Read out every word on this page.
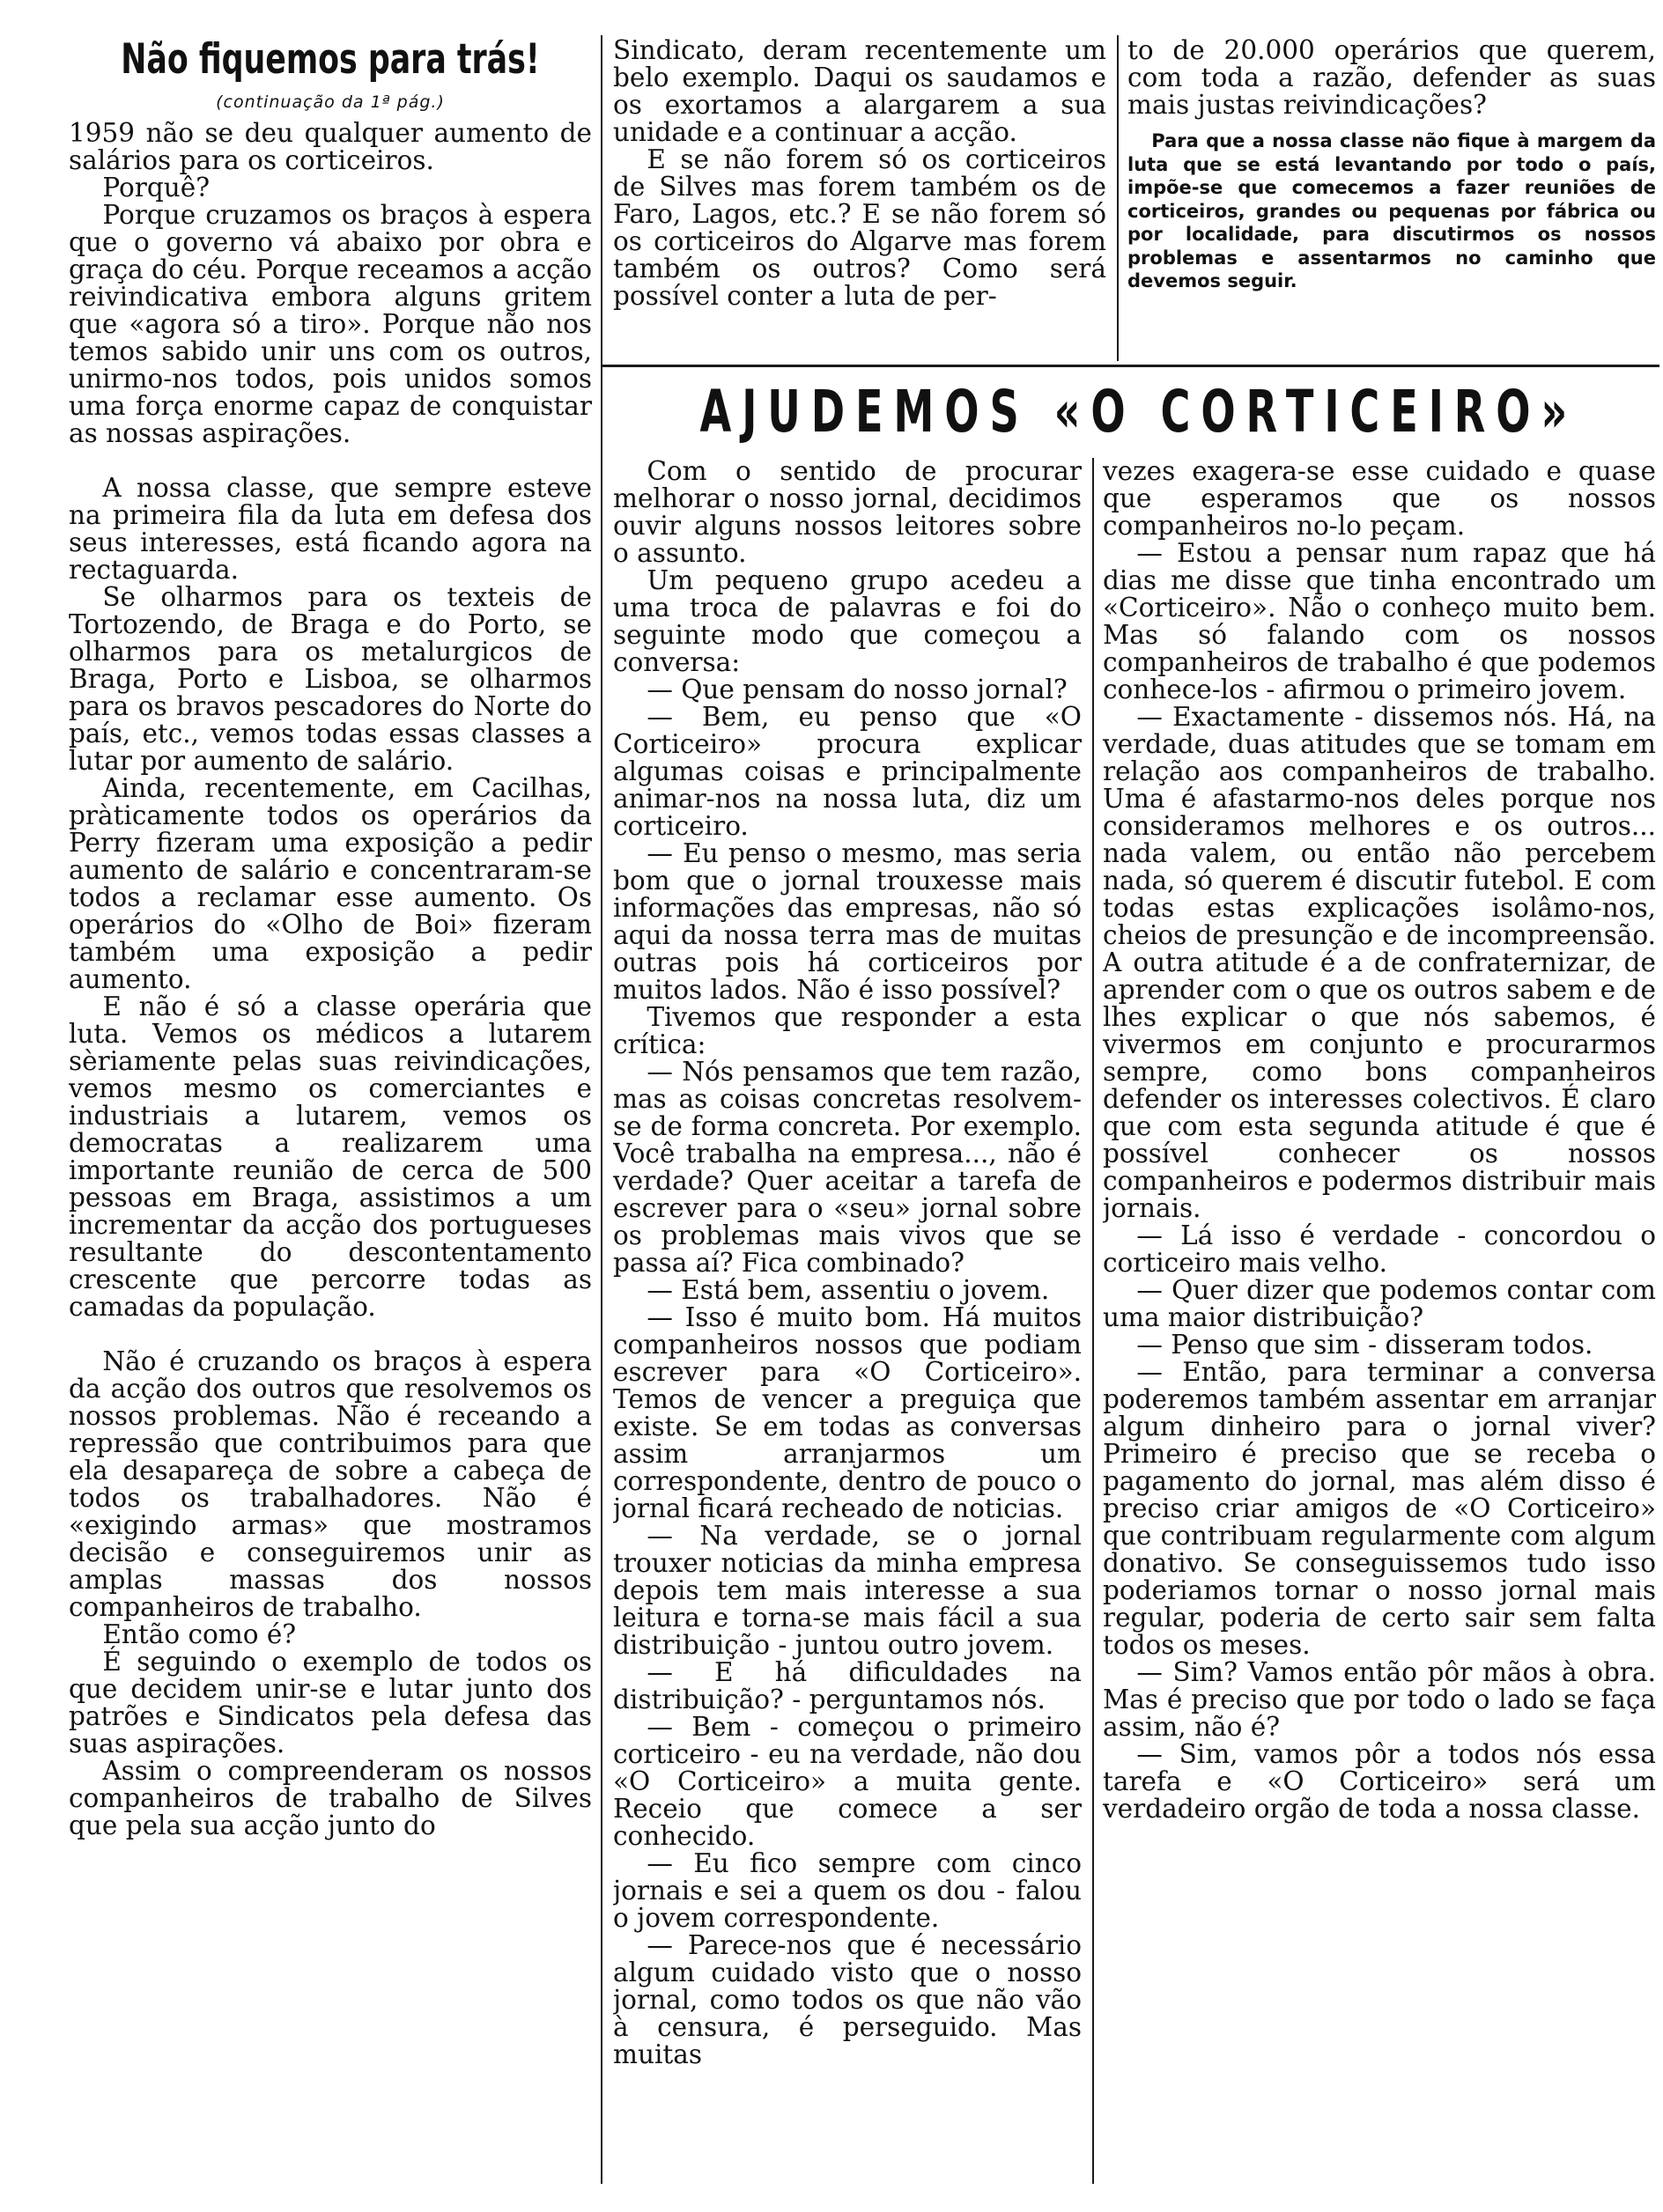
Não fiquemos para trás!
(continuação da 1ª pág.)

1959 não se deu qualquer aumento de salários para os corticeiros.

Porquê?

Porque cruzamos os braços à espera que o governo vá abaixo por obra e graça do céu. Porque receamos a acção reivindicativa embora alguns gritem que «agora só a tiro». Porque não nos temos sabido unir uns com os outros, unirmo-nos todos, pois unidos somos uma força enorme capaz de conquistar as nossas aspirações.

A nossa classe, que sempre esteve na primeira fila da luta em defesa dos seus interesses, está ficando agora na rectaguarda.

Se olharmos para os texteis de Tortozendo, de Braga e do Porto, se olharmos para os metalurgicos de Braga, Porto e Lisboa, se olharmos para os bravos pescadores do Norte do país, etc., vemos todas essas classes a lutar por aumento de salário.

Ainda, recentemente, em Cacilhas, pràticamente todos os operários da Perry fizeram uma exposição a pedir aumento de salário e concentraram-se todos a reclamar esse aumento. Os operários do «Olho de Boi» fizeram também uma exposição a pedir aumento.

E não é só a classe operária que luta. Vemos os médicos a lutarem sèriamente pelas suas reivindicações, vemos mesmo os comerciantes e industriais a lutarem, vemos os democratas a realizarem uma importante reunião de cerca de 500 pessoas em Braga, assistimos a um incrementar da acção dos portugueses resultante do descontentamento crescente que percorre todas as camadas da população.

Não é cruzando os braços à espera da acção dos outros que resolvemos os nossos problemas. Não é receando a repressão que contribuimos para que ela desapareça de sobre a cabeça de todos os trabalhadores. Não é «exigindo armas» que mostramos decisão e conseguiremos unir as amplas massas dos nossos companheiros de trabalho.

Então como é?

É seguindo o exemplo de todos os que decidem unir-se e lutar junto dos patrões e Sindicatos pela defesa das suas aspirações.

Assim o compreenderam os nossos companheiros de trabalho de Silves que pela sua acção junto do

Sindicato, deram recentemente um belo exemplo. Daqui os saudamos e os exortamos a alargarem a sua unidade e a continuar a acção.

E se não forem só os corticeiros de Silves mas forem também os de Faro, Lagos, etc.? E se não forem só os corticeiros do Algarve mas forem também os outros? Como será possível conter a luta de per-

to de 20.000 operários que querem, com toda a razão, defender as suas mais justas reivindicações?

Para que a nossa classe não fique à margem da luta que se está levantando por todo o país, impõe-se que comecemos a fazer reuniões de corticeiros, grandes ou pequenas por fábrica ou por localidade, para discutirmos os nossos problemas e assentarmos no caminho que devemos seguir.

AJUDEMOS «O CORTICEIRO»

Com o sentido de procurar melhorar o nosso jornal, decidimos ouvir alguns nossos leitores sobre o assunto.

Um pequeno grupo acedeu a uma troca de palavras e foi do seguinte modo que começou a conversa:

— Que pensam do nosso jornal?

— Bem, eu penso que «O Corticeiro» procura explicar algumas coisas e principalmente animar-nos na nossa luta, diz um corticeiro.

— Eu penso o mesmo, mas seria bom que o jornal trouxesse mais informações das empresas, não só aqui da nossa terra mas de muitas outras pois há corticeiros por muitos lados. Não é isso possível?

Tivemos que responder a esta crítica:

— Nós pensamos que tem razão, mas as coisas concretas resolvem-se de forma concreta. Por exemplo. Você trabalha na empresa..., não é verdade? Quer aceitar a tarefa de escrever para o «seu» jornal sobre os problemas mais vivos que se passa aí? Fica combinado?

— Está bem, assentiu o jovem.

— Isso é muito bom. Há muitos companheiros nossos que podiam escrever para «O Corticeiro». Temos de vencer a preguiça que existe. Se em todas as conversas assim arranjarmos um correspondente, dentro de pouco o jornal ficará recheado de noticias.

— Na verdade, se o jornal trouxer noticias da minha empresa depois tem mais interesse a sua leitura e torna-se mais fácil a sua distribuição - juntou outro jovem.

— E há dificuldades na distribuição? - perguntamos nós.

— Bem - começou o primeiro corticeiro - eu na verdade, não dou «O Corticeiro» a muita gente. Receio que comece a ser conhecido.

— Eu fico sempre com cinco jornais e sei a quem os dou - falou o jovem correspondente.

— Parece-nos que é necessário algum cuidado visto que o nosso jornal, como todos os que não vão à censura, é perseguido. Mas muitas

vezes exagera-se esse cuidado e quase que esperamos que os nossos companheiros no-lo peçam.

— Estou a pensar num rapaz que há dias me disse que tinha encontrado um «Corticeiro». Não o conheço muito bem. Mas só falando com os nossos companheiros de trabalho é que podemos conhece-los - afirmou o primeiro jovem.

— Exactamente - dissemos nós. Há, na verdade, duas atitudes que se tomam em relação aos companheiros de trabalho. Uma é afastarmo-nos deles porque nos consideramos melhores e os outros... nada valem, ou então não percebem nada, só querem é discutir futebol. E com todas estas explicações isolâmo-nos, cheios de presunção e de incompreensão. A outra atitude é a de confraternizar, de aprender com o que os outros sabem e de lhes explicar o que nós sabemos, é vivermos em conjunto e procurarmos sempre, como bons companheiros defender os interesses colectivos. É claro que com esta segunda atitude é que é possível conhecer os nossos companheiros e podermos distribuir mais jornais.

— Lá isso é verdade - concordou o corticeiro mais velho.

— Quer dizer que podemos contar com uma maior distribuição?

— Penso que sim - disseram todos.

— Então, para terminar a conversa poderemos também assentar em arranjar algum dinheiro para o jornal viver? Primeiro é preciso que se receba o pagamento do jornal, mas além disso é preciso criar amigos de «O Corticeiro» que contribuam regularmente com algum donativo. Se conseguissemos tudo isso poderiamos tornar o nosso jornal mais regular, poderia de certo sair sem falta todos os meses.

— Sim? Vamos então pôr mãos à obra. Mas é preciso que por todo o lado se faça assim, não é?

— Sim, vamos pôr a todos nós essa tarefa e «O Corticeiro» será um verdadeiro orgão de toda a nossa classe.
